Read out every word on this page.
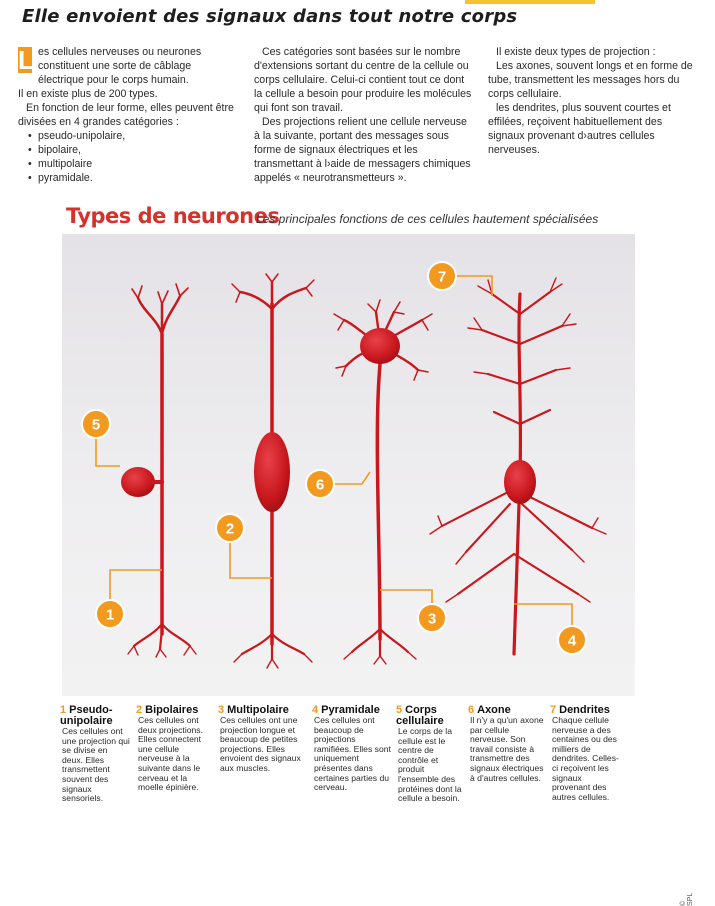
Elle envoient des signaux dans tout notre corps
L es cellules nerveuses ou neurones constituent une sorte de câblage électrique pour le corps humain.

Il en existe plus de 200 types.

En fonction de leur forme, elles peuvent être divisées en 4 grandes catégories :

• pseudo-unipolaire,
• bipolaire,
• multipolaire
• pyramidale.

Ces catégories sont basées sur le nombre d'extensions sortant du centre de la cellule ou corps cellulaire. Celui-ci contient tout ce dont la cellule a besoin pour produire les molécules qui font son travail.

Des projections relient une cellule nerveuse à la suivante, portant des messages sous forme de signaux électriques et les transmettant à l›aide de messagers chimiques appelés « neurotransmetteurs ».

Il existe deux types de projection :

Les axones, souvent longs et en forme de tube, transmettent les messages hors du corps cellulaire.

les dendrites, plus souvent courtes et effilées, reçoivent habituellement des signaux provenant d›autres cellules nerveuses.

Types de neurones
Les principales fonctions de ces cellules hautement spécialisées
1
2
3
4
5
6
7
© SPL
1 Pseudo-unipolaire
Ces cellules ont une projection qui se divise en deux. Elles transmettent souvent des signaux sensoriels.
2 Bipolaires
Ces cellules ont deux projections. Elles connectent une cellule nerveuse à la suivante dans le cerveau et la moelle épinière.
3 Multipolaire
Ces cellules ont une projection longue et beaucoup de petites projections. Elles envoient des signaux aux muscles.
4 Pyramidale
Ces cellules ont beaucoup de projections ramifiées. Elles sont uniquement présentes dans certaines parties du cerveau.
5 Corps cellulaire
Le corps de la cellule est le centre de contrôle et produit l'ensemble des protéines dont la cellule a besoin.
6 Axone
Il n'y a qu'un axone par cellule nerveuse. Son travail consiste à transmettre des signaux électriques à d'autres cellules.
7 Dendrites
Chaque cellule nerveuse a des centaines ou des milliers de dendrites. Celles-ci reçoivent les signaux provenant des autres cellules.
